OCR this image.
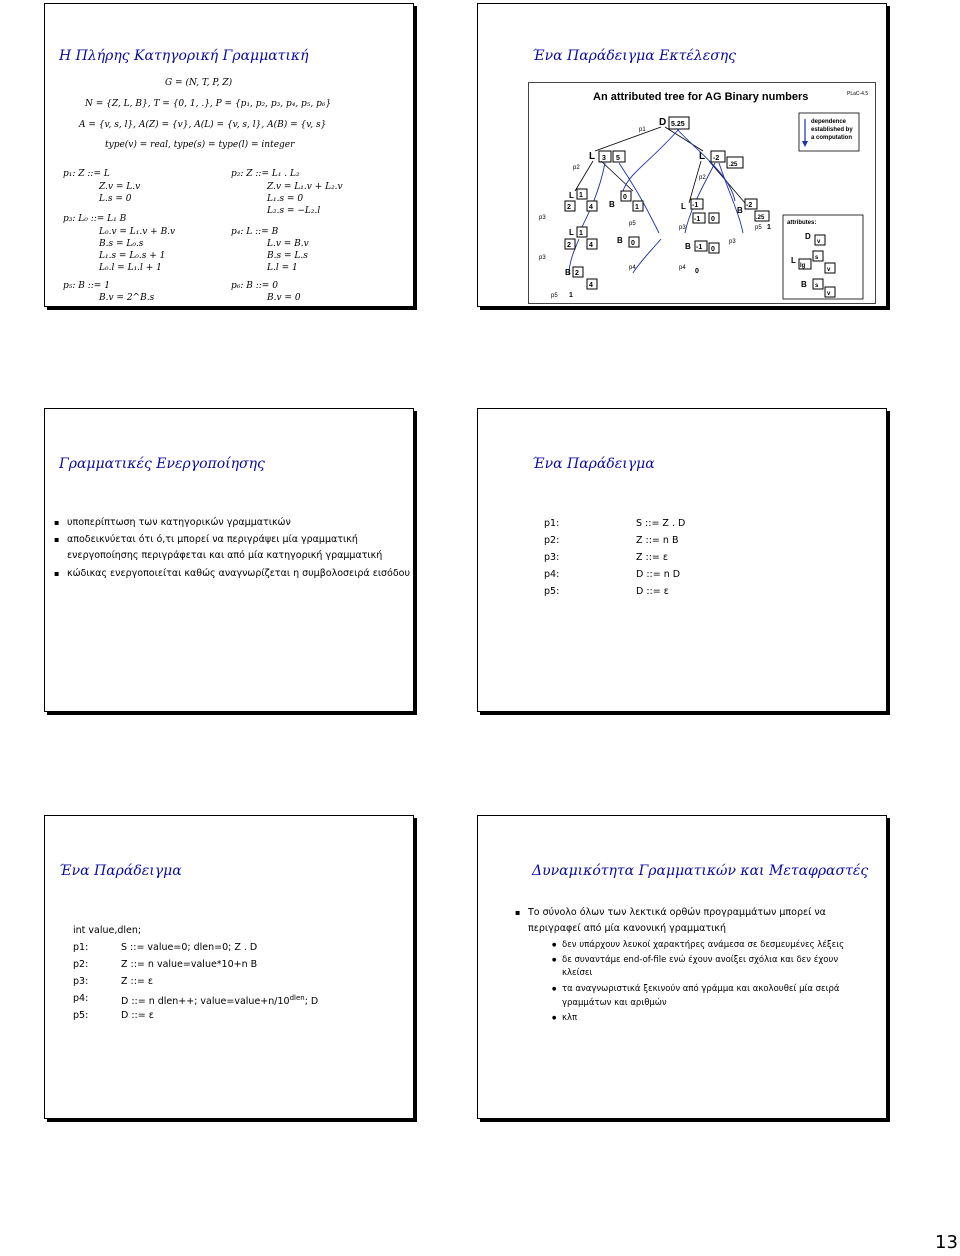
Η Πλήρης Κατηγορική Γραμματική
G = (N, T, P, Z)
N = {Z, L, B}, T = {0, 1, .}, P = {p₁, p₂, p₃, p₄, p₅, p₆}
A = {v, s, l}, A(Z) = {v}, A(L) = {v, s, l}, A(B) = {v, s}
type(v) = real, type(s) = type(l) = integer
p₁: Z ::= L
Z.v = L.v
L.s = 0
p₃: L₀ ::= L₁ B
L₀.v = L₁.v + B.v
B.s = L₀.s
L₁.s = L₀.s + 1
L₀.l = L₁.l + 1
p₅: B ::= 1
B.v = 2^B.s
p₂: Z ::= L₁ . L₂
Z.v = L₁.v + L₂.v
L₁.s = 0
L₂.s = −L₂.l
p₄: L ::= B
L.v = B.v
B.s = L.s
L.l = 1
p₆: B ::= 0
B.v = 0
Ένα Παράδειγμα Εκτέλεσης
An attributed tree for AG Binary numbers	PLaC-4.5
dependence established by a computation
D 5.25
p1
L 3 5
p2
L -2
.25
p2
L 1
2	4 B
0
1
p3
p5
L 1
2	4
B 0
p3
B 2
4
p4
p5 1
L -1
-1 0
B
-2
.25
p3
B -1 0
p4 0
p5 1
p3
attributes:
D
v
L
lg
s
v
B s
v
Γραμματικές Ενεργοποίησης
▪ υποπερίπτωση των κατηγορικών γραμματικών
▪ αποδεικνύεται ότι ό,τι μπορεί να περιγράψει μία γραμματική
ενεργοποίησης περιγράφεται και από μία κατηγορική γραμματική
▪ κώδικας ενεργοποιείται καθώς αναγνωρίζεται η συμβολοσειρά εισόδου
Ένα Παράδειγμα
p1:	S ::= Z . D
p2:	Z ::= n B
p3:	Z ::= ε
p4:	D ::= n D
p5:	D ::= ε
Ένα Παράδειγμα
int value,dlen;
p1:	S ::= value=0; dlen=0; Z . D
p2:	Z ::= n value=value*10+n B
p3:	Z ::= ε
p4:	D ::= n dlen++; $value=value+n/10^{dlen}$; D
p5:	D ::= ε
Δυναμικότητα Γραμματικών και Μεταφραστές
▪ Το σύνολο όλων των λεκτικά ορθών προγραμμάτων μπορεί να
περιγραφεί από μία κανονική γραμματική
● δεν υπάρχουν λευκοί χαρακτήρες ανάμεσα σε δεσμευμένες λέξεις
● δε συναντάμε end-of-file ενώ έχουν ανοίξει σχόλια και δεν έχουν
κλείσει
● τα αναγνωριστικά ξεκινούν από γράμμα και ακολουθεί μία σειρά
γραμμάτων και αριθμών
● κλπ
13
